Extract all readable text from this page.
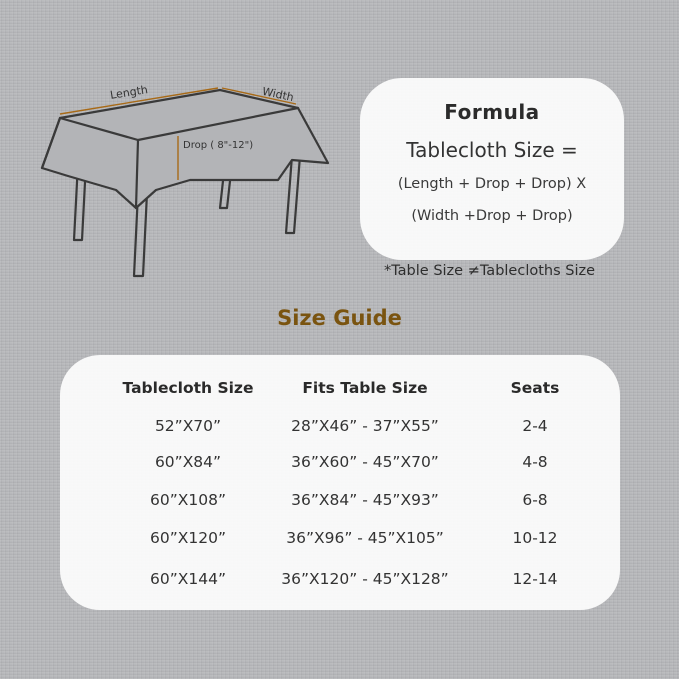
Length	Width
Drop ( 8"-12")
Formula
Tablecloth Size =
(Length + Drop + Drop) X
(Width +Drop + Drop)
*Table Size ≠Tablecloths Size
Size Guide
Tablecloth Size	Fits Table Size	Seats
52”X70”	28”X46” - 37”X55”	2-4
60”X84”	36”X60” - 45”X70”	4-8
60”X108”	36”X84” - 45”X93”	6-8
60”X120”	36”X96” - 45”X105”	10-12
60”X144”	36”X120” - 45”X128”	12-14
